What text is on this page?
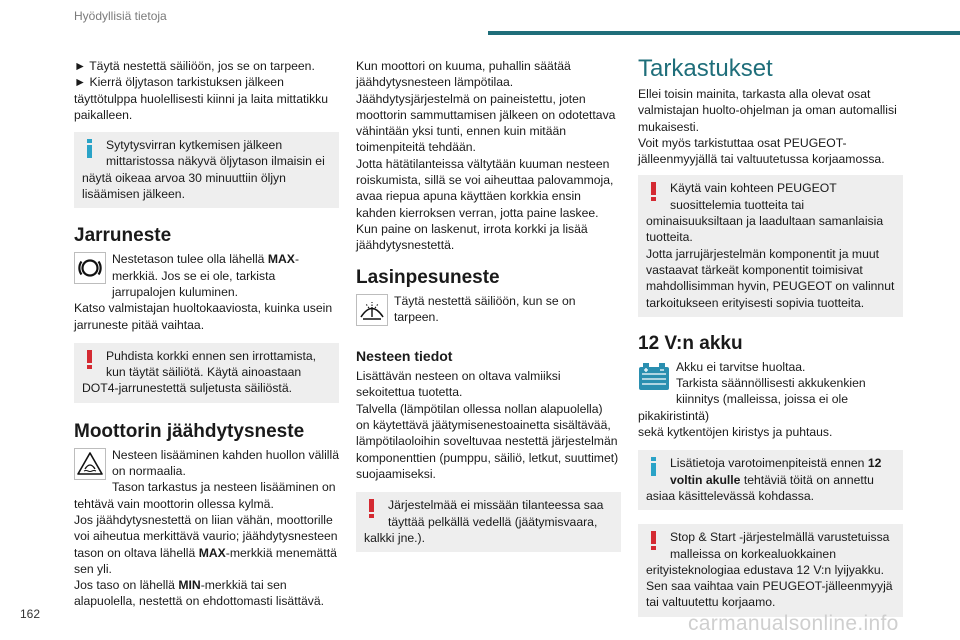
Hyödyllisiä tietoja

► Täytä nestettä säiliöön, jos se on tarpeen.
► Kierrä öljytason tarkistuksen jälkeen
täyttötulppa huolellisesti kiinni ja laita mittatikku
paikalleen.

Sytytysvirran kytkemisen jälkeen
mittaristossa näkyvä öljytason ilmaisin ei
näytä oikeaa arvoa 30 minuuttiin öljyn
lisäämisen jälkeen.
Jarruneste

Nestetason tulee olla lähellä MAX-
merkkiä. Jos se ei ole, tarkista
jarrupalojen kuluminen.
Katso valmistajan huoltokaaviosta, kuinka usein
jarruneste pitää vaihtaa.

Puhdista korkki ennen sen irrottamista,
kun täytät säiliötä. Käytä ainoastaan
DOT4-jarrunestettä suljetusta säiliöstä.
Moottorin jäähdytysneste

Nesteen lisääminen kahden huollon välillä
on normaalia.
Tason tarkastus ja nesteen lisääminen on
tehtävä vain moottorin ollessa kylmä.
Jos jäähdytysnestettä on liian vähän, moottorille
voi aiheutua merkittävä vaurio; jäähdytysnesteen
tason on oltava lähellä MAX-merkkiä menemättä
sen yli.
Jos taso on lähellä MIN-merkkiä tai sen
alapuolella, nestettä on ehdottomasti lisättävä.

Kun moottori on kuuma, puhallin säätää
jäähdytysnesteen lämpötilaa.
Jäähdytysjärjestelmä on paineistettu, joten
moottorin sammuttamisen jälkeen on odotettava
vähintään yksi tunti, ennen kuin mitään
toimenpiteitä tehdään.
Jotta hätätilanteissa vältytään kuuman nesteen
roiskumista, sillä se voi aiheuttaa palovammoja,
avaa riepua apuna käyttäen korkkia ensin
kahden kierroksen verran, jotta paine laskee.
Kun paine on laskenut, irrota korkki ja lisää
jäähdytysnestettä.

Lasinpesuneste

Täytä nestettä säiliöön, kun se on
tarpeen.

Nesteen tiedot

Lisättävän nesteen on oltava valmiiksi
sekoitettua tuotetta.
Talvella (lämpötilan ollessa nollan alapuolella)
on käytettävä jäätymisenestoainetta sisältävää,
lämpötilaoloihin soveltuvaa nestettä järjestelmän
komponenttien (pumppu, säiliö, letkut, suuttimet)
suojaamiseksi.

Järjestelmää ei missään tilanteessa saa
täyttää pelkällä vedellä (jäätymisvaara,
kalkki jne.).
Tarkastukset

Ellei toisin mainita, tarkasta alla olevat osat
valmistajan huolto-ohjelman ja oman automallisi
mukaisesti.
Voit myös tarkistuttaa osat PEUGEOT-
jälleenmyyjällä tai valtuutetussa korjaamossa.

Käytä vain kohteen PEUGEOT
suosittelemia tuotteita tai
ominaisuuksiltaan ja laadultaan samanlaisia
tuotteita.
Jotta jarrujärjestelmän komponentit ja muut
vastaavat tärkeät komponentit toimisivat
mahdollisimman hyvin, PEUGEOT on valinnut
tarkoitukseen erityisesti sopivia tuotteita.
12 V:n akku

Akku ei tarvitse huoltaa.
Tarkista säännöllisesti akkukenkien
kiinnitys (malleissa, joissa ei ole pikakiristintä)
sekä kytkentöjen kiristys ja puhtaus.

Lisätietoja varotoimenpiteistä ennen 12
voltin akulle tehtäviä töitä on annettu
asiaa käsittelevässä kohdassa.
Stop & Start -järjestelmällä varustetuissa
malleissa on korkealuokkainen
erityisteknologiaa edustava 12 V:n lyijyakku.
Sen saa vaihtaa vain PEUGEOT-jälleenmyyjä
tai valtuutettu korjaamo.
162	carmanualsonline.info
